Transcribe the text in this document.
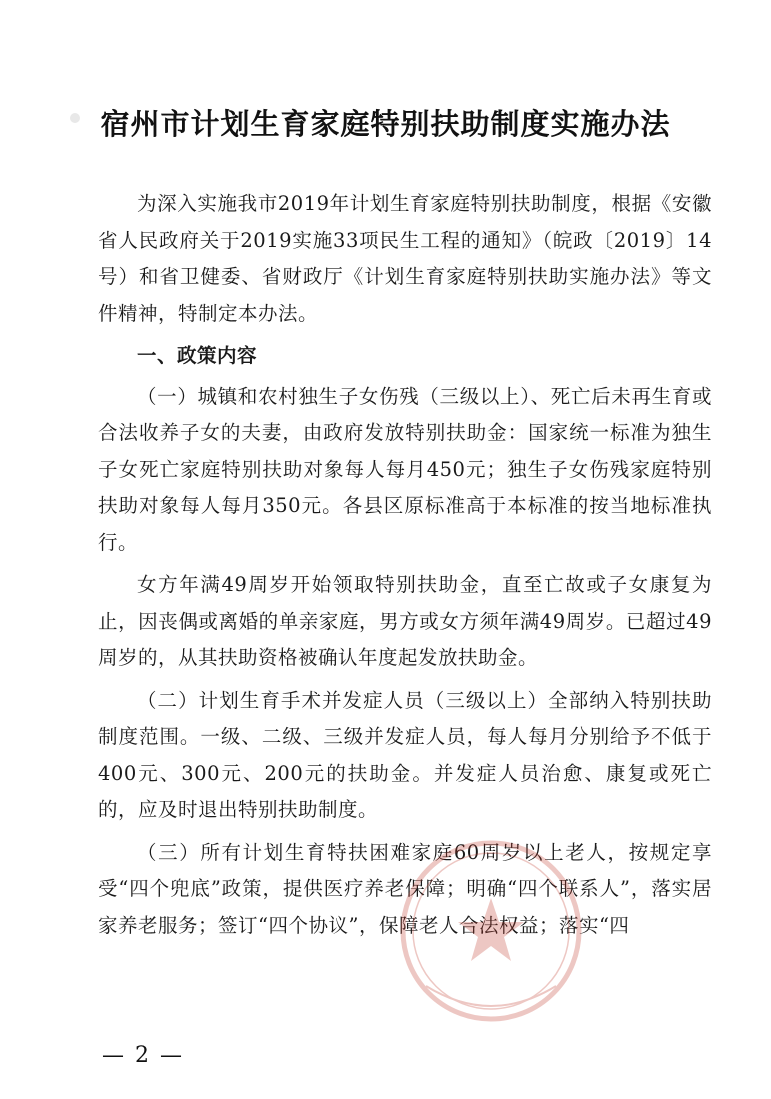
宿州市计划生育家庭特别扶助制度实施办法

为深入实施我市2019年计划生育家庭特别扶助制度，根据《安徽省人民政府关于2019实施33项民生工程的通知》（皖政〔2019〕14号）和省卫健委、省财政厅《计划生育家庭特别扶助实施办法》等文件精神，特制定本办法。

一、政策内容

（一）城镇和农村独生子女伤残（三级以上）、死亡后未再生育或合法收养子女的夫妻，由政府发放特别扶助金：国家统一标准为独生子女死亡家庭特别扶助对象每人每月450元；独生子女伤残家庭特别扶助对象每人每月350元。各县区原标准高于本标准的按当地标准执行。

女方年满49周岁开始领取特别扶助金，直至亡故或子女康复为止，因丧偶或离婚的单亲家庭，男方或女方须年满49周岁。已超过49周岁的，从其扶助资格被确认年度起发放扶助金。

（二）计划生育手术并发症人员（三级以上）全部纳入特别扶助制度范围。一级、二级、三级并发症人员，每人每月分别给予不低于400元、300元、200元的扶助金。并发症人员治愈、康复或死亡的，应及时退出特别扶助制度。

（三）所有计划生育特扶困难家庭60周岁以上老人，按规定享受“四个兜底”政策，提供医疗养老保障；明确“四个联系人”，落实居家养老服务；签订“四个协议”，保障老人合法权益；落实“四

— 2 —
